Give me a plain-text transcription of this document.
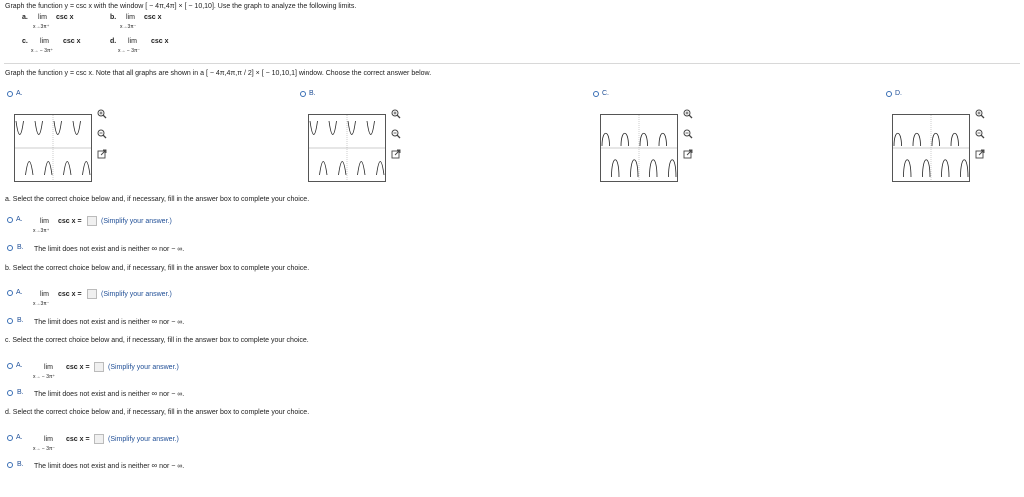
Graph the function y = csc x with the window [ − 4π,4π] × [ − 10,10]. Use the graph to analyze the following limits.
a. lim csc x
x→3π⁺
b. lim csc x
x→3π⁻
c. lim csc x
x→ − 3π⁺
d. lim csc x
x→ − 3π⁻
Graph the function y = csc x. Note that all graphs are shown in a [ − 4π,4π,π / 2] × [ − 10,10,1] window. Choose the correct answer below.
A.	B.	C.	D.
a. Select the correct choice below and, if necessary, fill in the answer box to complete your choice.
A. lim csc x =	(Simplify your answer.)
x→3π⁺
B. The limit does not exist and is neither ∞ nor − ∞.
b. Select the correct choice below and, if necessary, fill in the answer box to complete your choice.
A. lim csc x =	(Simplify your answer.)
x→3π⁻
B. The limit does not exist and is neither ∞ nor − ∞.
c. Select the correct choice below and, if necessary, fill in the answer box to complete your choice.
A.	lim csc x =	(Simplify your answer.)
x→ − 3π⁺
B. The limit does not exist and is neither ∞ nor − ∞.
d. Select the correct choice below and, if necessary, fill in the answer box to complete your choice.
A.	lim csc x =	(Simplify your answer.)
x→ − 3π⁻
B. The limit does not exist and is neither ∞ nor − ∞.
